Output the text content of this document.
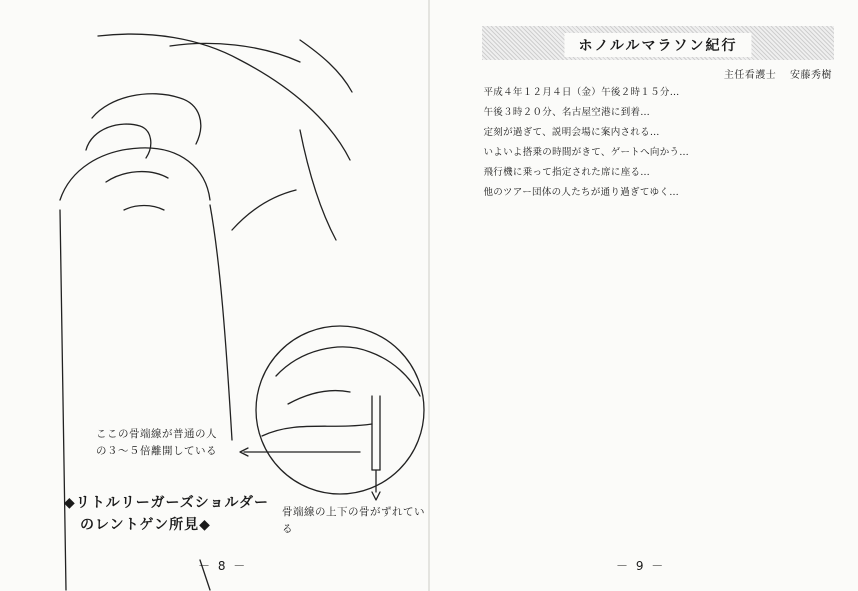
ここの骨端線が普通の人
の３～５倍離開している
骨端線の上下の骨がずれている
◆リトルリーガーズショルダー
のレントゲン所見◆
－ 8 －
ホノルルマラソン紀行
主任看護士 安藤秀樹

平成４年１２月４日（金）午後２時１５分…

午後３時２０分、名古屋空港に到着…

定刻が過ぎて、説明会場に案内される…

いよいよ搭乗の時間がきて、ゲートへ向かう…

飛行機に乗って指定された席に座る…

他のツアー団体の人たちが通り過ぎてゆく…

－ 9 －
